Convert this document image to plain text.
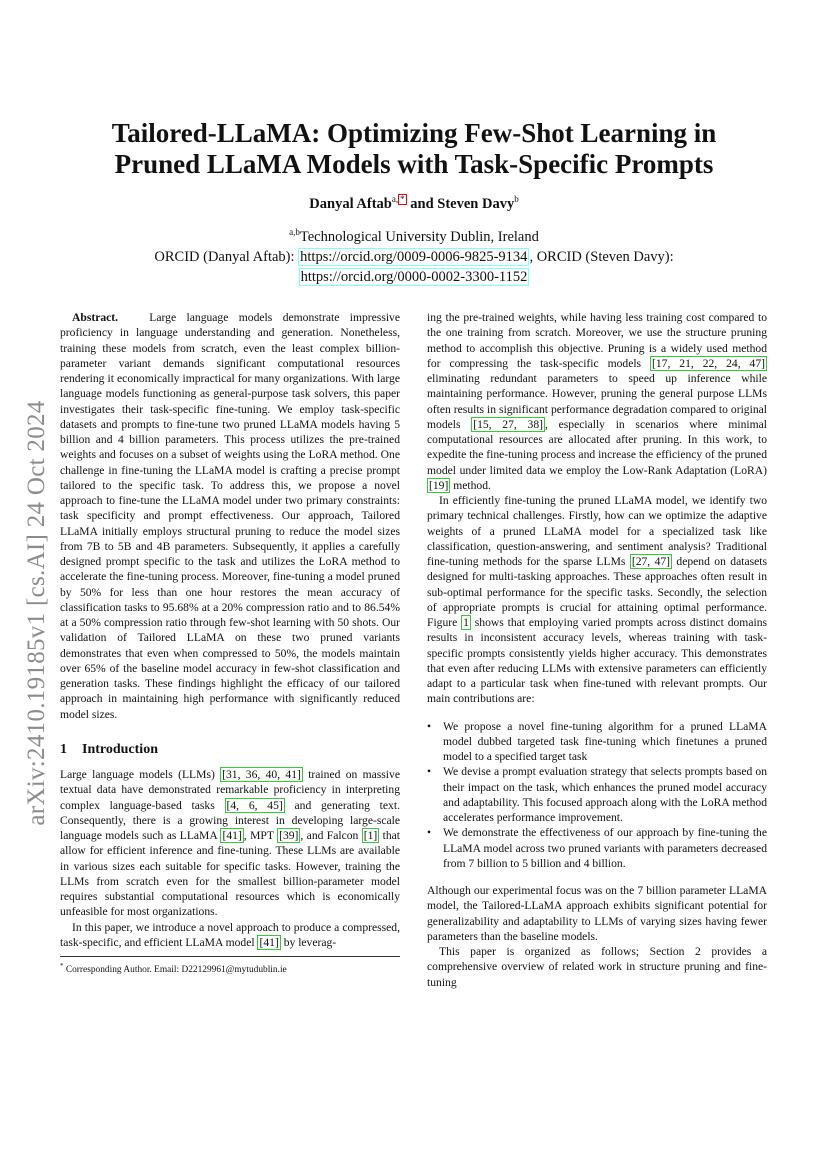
arXiv:2410.19185v1 [cs.AI] 24 Oct 2024
Tailored-LLaMA: Optimizing Few-Shot Learning in
Pruned LLaMA Models with Task-Specific Prompts
Danyal Aftab$^{a, *}$ and Steven Davy$^b$
$^{a,b}$Technological University Dublin, Ireland
ORCID (Danyal Aftab): https://orcid.org/0009-0006-9825-9134 , ORCID (Steven Davy):
https://orcid.org/0000-0002-3300-1152

Abstract.	Large language models demonstrate impressive proficiency in language understanding and generation. Nonetheless, training these models from scratch, even the least complex billion-parameter variant demands significant computational resources rendering it economically impractical for many organizations. With large language models functioning as general-purpose task solvers, this paper investigates their task-specific fine-tuning. We employ task-specific datasets and prompts to fine-tune two pruned LLaMA models having 5 billion and 4 billion parameters. This process utilizes the pre-trained weights and focuses on a subset of weights using the LoRA method. One challenge in fine-tuning the LLaMA model is crafting a precise prompt tailored to the specific task. To address this, we propose a novel approach to fine-tune the LLaMA model under two primary constraints: task specificity and prompt effectiveness. Our approach, Tailored LLaMA initially employs structural pruning to reduce the model sizes from 7B to 5B and 4B parameters. Subsequently, it applies a carefully designed prompt specific to the task and utilizes the LoRA method to accelerate the fine-tuning process. Moreover, fine-tuning a model pruned by 50% for less than one hour restores the mean accuracy of classification tasks to 95.68% at a 20% compression ratio and to 86.54% at a 50% compression ratio through few-shot learning with 50 shots. Our validation of Tailored LLaMA on these two pruned variants demonstrates that even when compressed to 50%, the models maintain over 65% of the baseline model accuracy in few-shot classification and generation tasks. These findings highlight the efficacy of our tailored approach in maintaining high performance with significantly reduced model sizes.

1 Introduction

Large language models (LLMs) [31, 36, 40, 41] trained on massive textual data have demonstrated remarkable proficiency in interpreting complex language-based tasks [4, 6, 45] and generating text. Consequently, there is a growing interest in developing large-scale language models such as LLaMA [41] , MPT [39] , and Falcon [1] that allow for efficient inference and fine-tuning. These LLMs are available in various sizes each suitable for specific tasks. However, training the LLMs from scratch even for the smallest billion-parameter model requires substantial computational resources which is economically unfeasible for most organizations.

In this paper, we introduce a novel approach to produce a compressed, task-specific, and efficient LLaMA model [41] by leverag-

ing the pre-trained weights, while having less training cost compared to the one training from scratch. Moreover, we use the structure pruning method to accomplish this objective. Pruning is a widely used method for compressing the task-specific models [17, 21, 22, 24, 47] eliminating redundant parameters to speed up inference while maintaining performance. However, pruning the general purpose LLMs often results in significant performance degradation compared to original models [15, 27, 38] , especially in scenarios where minimal computational resources are allocated after pruning. In this work, to expedite the fine-tuning process and increase the efficiency of the pruned model under limited data we employ the Low-Rank Adaptation (LoRA) [19] method.

In efficiently fine-tuning the pruned LLaMA model, we identify two primary technical challenges. Firstly, how can we optimize the adaptive weights of a pruned LLaMA model for a specialized task like classification, question-answering, and sentiment analysis? Traditional fine-tuning methods for the sparse LLMs [27, 47] depend on datasets designed for multi-tasking approaches. These approaches often result in sub-optimal performance for the specific tasks. Secondly, the selection of appropriate prompts is crucial for attaining optimal performance. Figure 1 shows that employing varied prompts across distinct domains results in inconsistent accuracy levels, whereas training with task-specific prompts consistently yields higher accuracy. This demonstrates that even after reducing LLMs with extensive parameters can efficiently adapt to a particular task when fine-tuned with relevant prompts. Our main contributions are:

• We propose a novel fine-tuning algorithm for a pruned LLaMA model dubbed targeted task fine-tuning which finetunes a pruned model to a specified target task
• We devise a prompt evaluation strategy that selects prompts based on their impact on the task, which enhances the pruned model accuracy and adaptability. This focused approach along with the LoRA method accelerates performance improvement.
• We demonstrate the effectiveness of our approach by fine-tuning the LLaMA model across two pruned variants with parameters decreased from 7 billion to 5 billion and 4 billion.

Although our experimental focus was on the 7 billion parameter LLaMA model, the Tailored-LLaMA approach exhibits significant potential for generalizability and adaptability to LLMs of varying sizes having fewer parameters than the baseline models.

This paper is organized as follows; Section 2 provides a comprehensive overview of related work in structure pruning and fine-tuning

* Corresponding Author. Email: D22129961@mytudublin.ie
